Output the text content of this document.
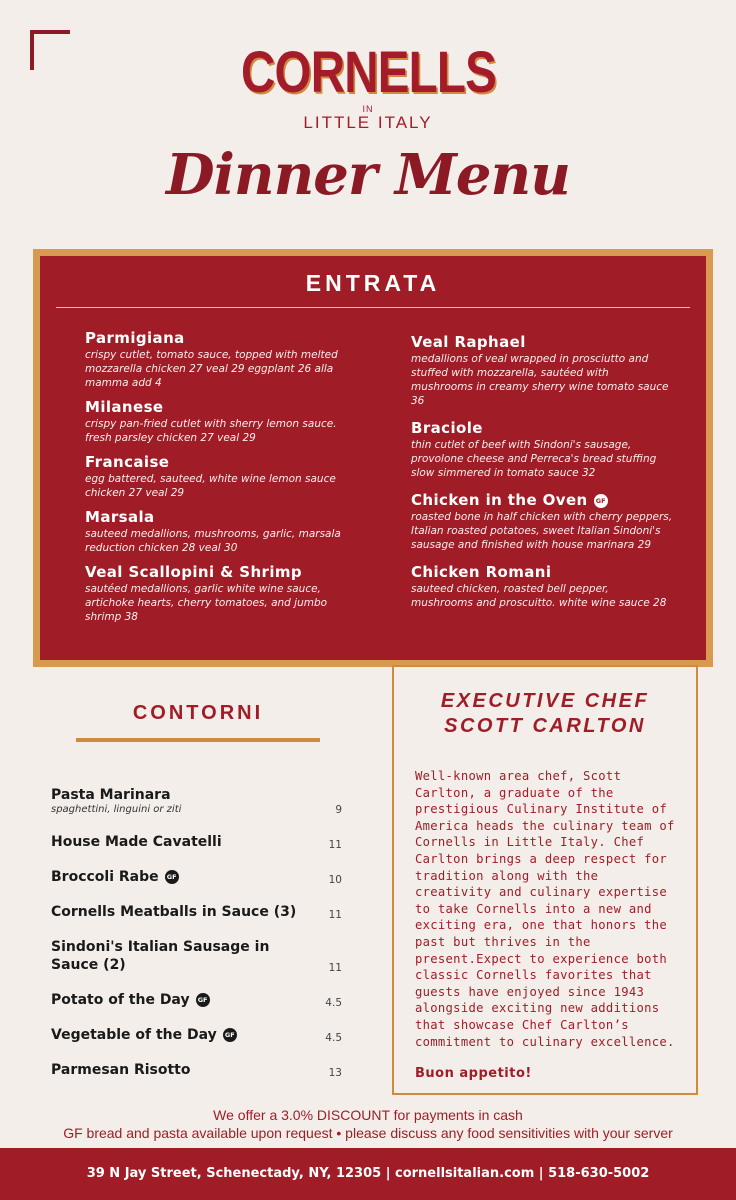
CORNELLS
IN
LITTLE ITALY
Dinner Menu
ENTRATA
Parmigiana
crispy cutlet, tomato sauce, topped with melted mozzarella chicken 27 veal 29 eggplant 26 alla mamma add 4
Milanese
crispy pan-fried cutlet with sherry lemon sauce. fresh parsley chicken 27 veal 29
Francaise
egg battered, sauteed, white wine lemon sauce chicken 27 veal 29
Marsala
sauteed medallions, mushrooms, garlic, marsala reduction chicken 28 veal 30
Veal Scallopini & Shrimp
sautéed medallions, garlic white wine sauce, artichoke hearts, cherry tomatoes, and jumbo shrimp 38
Veal Raphael
medallions of veal wrapped in prosciutto and stuffed with mozzarella, sautéed with mushrooms in creamy sherry wine tomato sauce 36
Braciole
thin cutlet of beef with Sindoni's sausage, provolone cheese and Perreca's bread stuffing slow simmered in tomato sauce 32
Chicken in the Oven GF
roasted bone in half chicken with cherry peppers, Italian roasted potatoes, sweet Italian Sindoni's sausage and finished with house marinara 29
Chicken Romani
sauteed chicken, roasted bell pepper, mushrooms and proscuitto. white wine sauce 28
CONTORNI
Pasta Marinara
spaghettini, linguini or ziti	9
House Made Cavatelli	11
Broccoli Rabe GF	10
Cornells Meatballs in Sauce (3)	11
Sindoni's Italian Sausage in Sauce (2)	11
Potato of the Day GF	4.5
Vegetable of the Day GF	4.5
Parmesan Risotto	13
EXECUTIVE CHEF
SCOTT CARLTON

Well-known area chef, Scott Carlton, a graduate of the prestigious Culinary Institute of America heads the culinary team of Cornells in Little Italy. Chef Carlton brings a deep respect for tradition along with the creativity and culinary expertise to take Cornells into a new and exciting era, one that honors the past but thrives in the present.Expect to experience both classic Cornells favorites that guests have enjoyed since 1943 alongside exciting new additions that showcase Chef Carlton’s commitment to culinary excellence.

Buon appetito!

We offer a 3.0% DISCOUNT for payments in cash
GF bread and pasta available upon request • please discuss any food sensitivities with your server
39 N Jay Street, Schenectady, NY, 12305 | cornellsitalian.com | 518-630-5002
